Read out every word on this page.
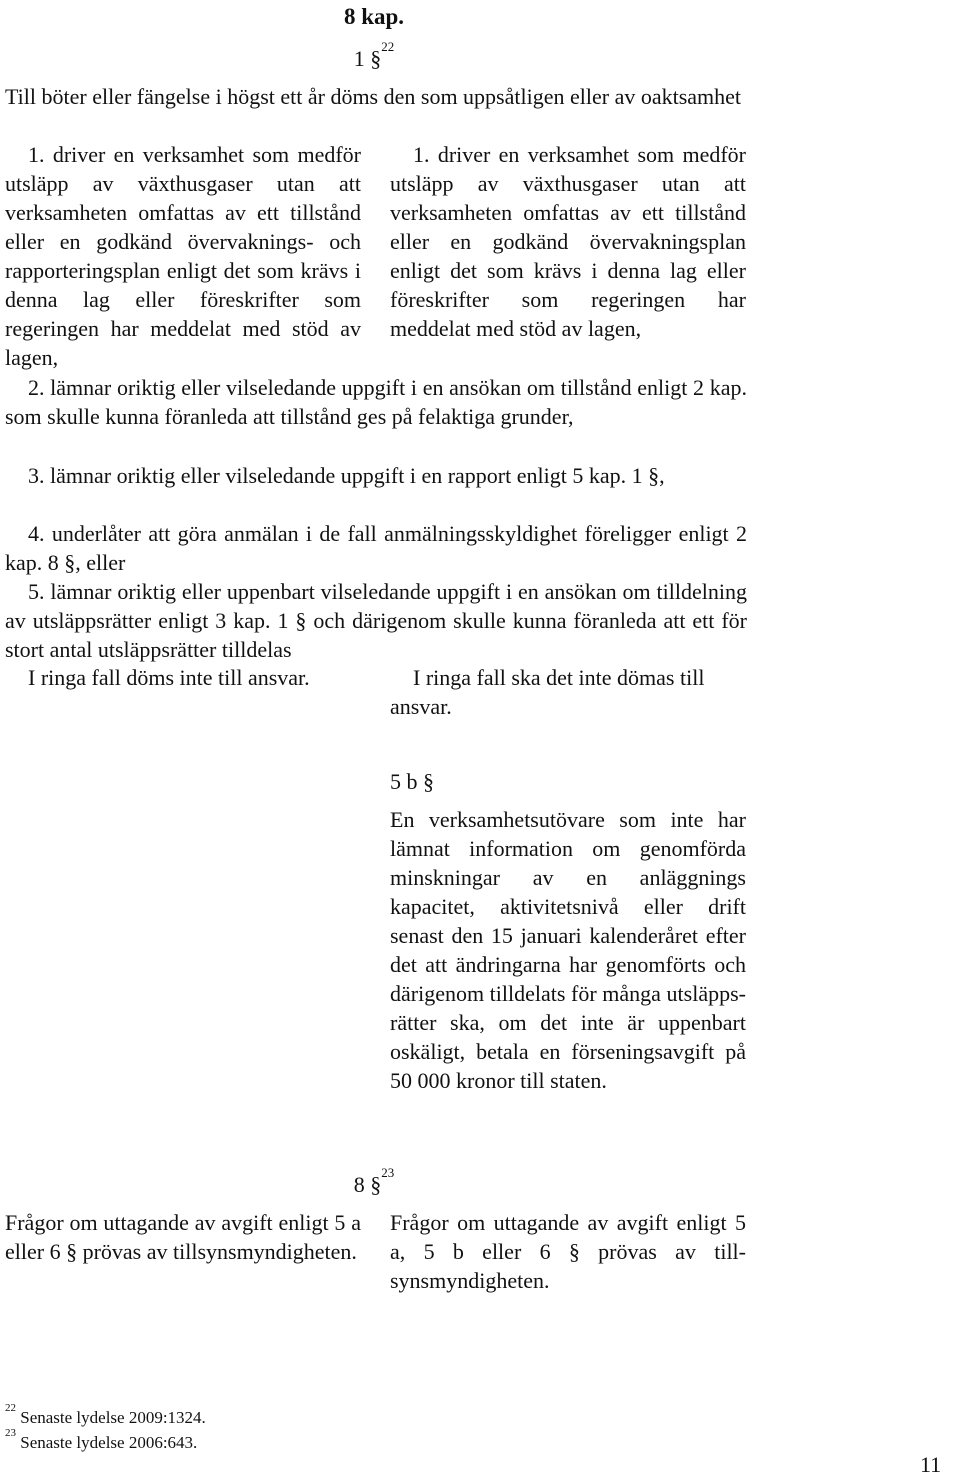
8 kap.
1 §$^{22}$

Till böter eller fängelse i högst ett år döms den som uppsåtligen eller av oaktsamhet

1. driver en verksamhet som medför utsläpp av växthusgaser utan att verksamheten omfattas av ett tillstånd eller en godkänd övervaknings- och rapporteringsplan enligt det som krävs i denna lag eller föreskrifter som regeringen har meddelat med stöd av lagen,

1. driver en verksamhet som medför utsläpp av växthusgaser utan att verksamheten omfattas av ett tillstånd eller en godkänd övervakningsplan enligt det som krävs i denna lag eller föreskrifter som regeringen har meddelat med stöd av lagen,

2. lämnar oriktig eller vilseledande uppgift i en ansökan om tillstånd enligt 2 kap. som skulle kunna föranleda att tillstånd ges på felaktiga grunder,

3. lämnar oriktig eller vilseledande uppgift i en rapport enligt 5 kap. 1 §,

4. underlåter att göra anmälan i de fall anmälningsskyldighet föreligger enligt 2 kap. 8 §, eller

5. lämnar oriktig eller uppenbart vilseledande uppgift i en ansökan om tilldelning av utsläppsrätter enligt 3 kap. 1 § och därigenom skulle kunna föranleda att ett för stort antal utsläppsrätter tilldelas

I ringa fall döms inte till ansvar.	I ringa fall ska det inte dömas till ansvar.

5 b §

En verksamhetsutövare som inte har lämnat information om genomförda minskningar av en anläggnings kapacitet, aktivitetsnivå eller drift senast den 15 januari kalenderåret efter det att ändringarna har genomförts och därigenom tilldelats för många utsläppsrätter ska, om det inte är uppenbart oskäligt, betala en förseningsavgift på 50 000 kronor till staten.

8 §$^{23}$

Frågor om uttagande av avgift enligt 5 a eller 6 § prövas av tillsynsmyndigheten.

Frågor om uttagande av avgift enligt 5 a, 5 b eller 6 § prövas av tillsynsmyndigheten.

$^{22}$ Senaste lydelse 2009:1324.
$^{23}$ Senaste lydelse 2006:643.
11
